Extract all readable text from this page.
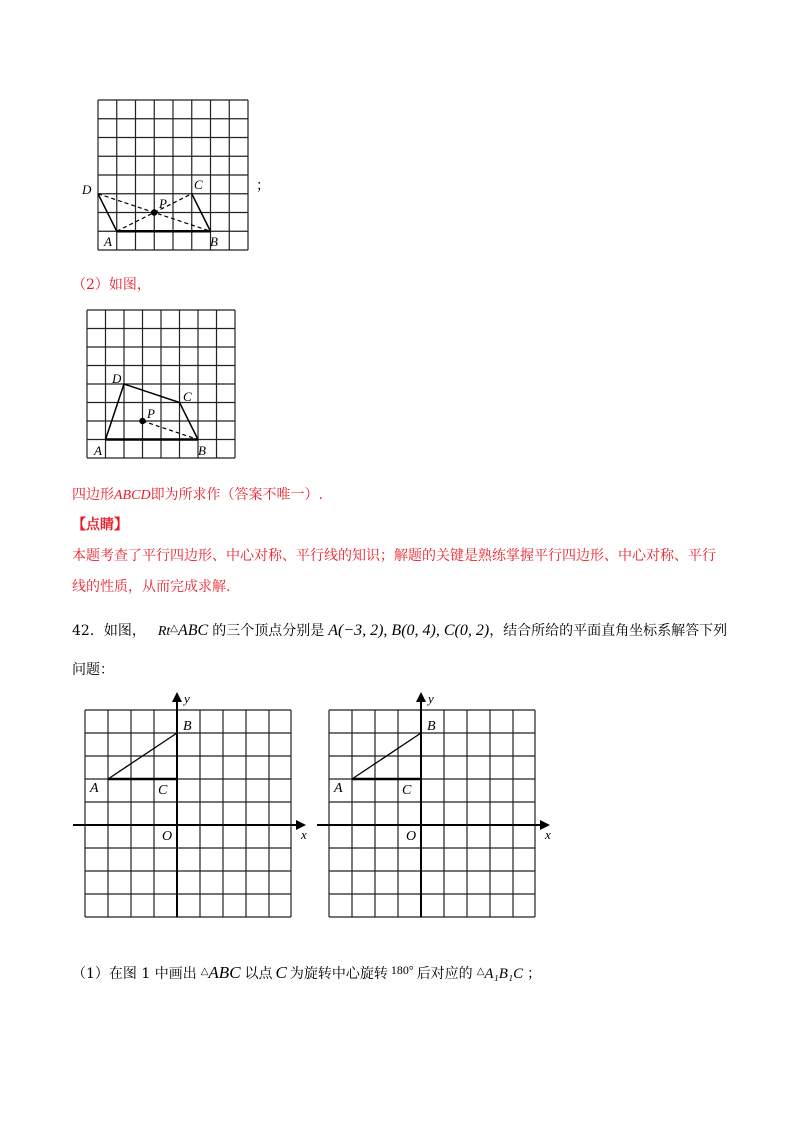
D	C
P
A	B
；
（2）如图，
D
C
P
A	B
四边形ABCD即为所求作（答案不唯一）.
【点睛】
本题考查了平行四边形、中心对称、平行线的知识；解题的关键是熟练掌握平行四边形、中心对称、平行
线的性质，从而完成求解.
42．如图， Rt△ABC 的三个顶点分别是 A(−3, 2), B(0, 4), C(0, 2)，结合所给的平面直角坐标系解答下列
问题：
y
x
B
A	C
O
y
x
B
A	C
O
（1）在图 1 中画出 △ABC 以点 C 为旋转中心旋转 180° 后对应的 △A₁B₁C ；
